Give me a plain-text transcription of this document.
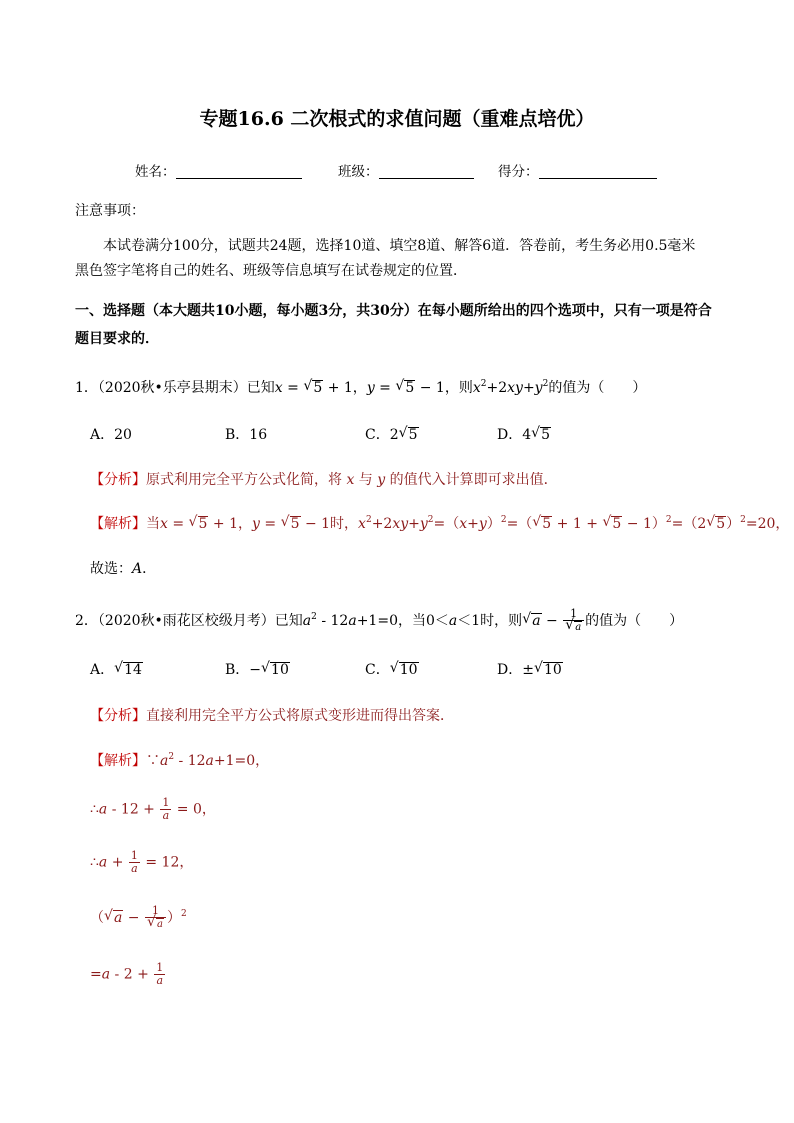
专题16.6 二次根式的求值问题（重难点培优）
姓名：	班级：	得分：
注意事项：
本试卷满分100分，试题共24题，选择10道、填空8道、解答6道．答卷前，考生务必用0.5毫米
黑色签字笔将自己的姓名、班级等信息填写在试卷规定的位置．
一、选择题（本大题共10小题，每小题3分，共30分）在每小题所给出的四个选项中，只有一项是符合
题目要求的．
1．（2020秋•乐亭县期末）已知x = √ 5 + 1，y = √ 5 − 1，则$x^2+2xy+y^2$的值为（　　）
A．20	B．16	C．2√ 5	D．4√ 5
【分析】原式利用完全平方公式化简，将 x 与 y 的值代入计算即可求出值．
【解析】当x = √ 5 + 1，y = √ 5 − 1时，$x^2+2xy+y^2=(x+y)^2=(√$ 5 + 1 + √ 5 − 1）$^2$=（2√ 5）$^2$=20，
故选：A．
2．（2020秋•雨花区校级月考）已知$a^2 - 12a+1=0$，当0＜a＜1时，则√ a − 1
√ a 的值为（　　）
A．√ 14	B．−√ 10	C．√ 10	D．±√ 10
【分析】直接利用完全平方公式将原式变形进而得出答案．
【解析】$\because a^2 - 12a+1=0$，
∴a - $12 + \frac{1}{a} = 0$，
∴a + $\frac{1}{a} = 12$，
（√ a − 1
√ a ）$^2$
$=a - 2 + \frac{1}{a}$
